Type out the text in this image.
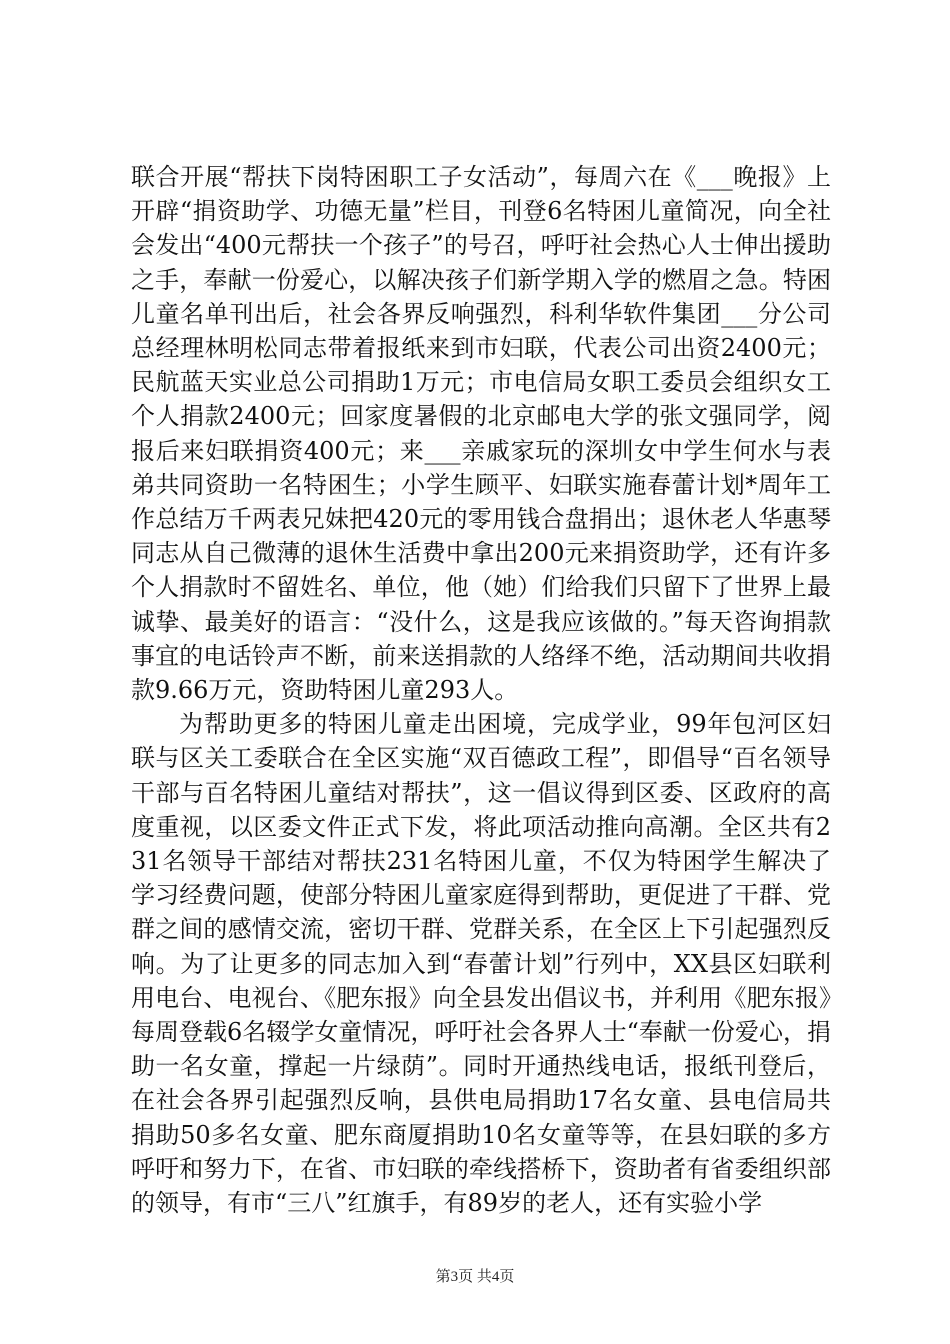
联合开展“帮扶下岗特困职工子女活动”，每周六在《___晚报》上开辟“捐资助学、功德无量”栏目，刊登6名特困儿童简况，向全社会发出“400元帮扶一个孩子”的号召，呼吁社会热心人士伸出援助之手，奉献一份爱心，以解决孩子们新学期入学的燃眉之急。特困儿童名单刊出后，社会各界反响强烈，科利华软件集团___分公司总经理林明松同志带着报纸来到市妇联，代表公司出资2400元；民航蓝天实业总公司捐助1万元；市电信局女职工委员会组织女工个人捐款2400元；回家度暑假的北京邮电大学的张文强同学，阅报后来妇联捐资400元；来___亲戚家玩的深圳女中学生何水与表弟共同资助一名特困生；小学生顾平、妇联实施春蕾计划*周年工作总结万千两表兄妹把420元的零用钱合盘捐出；退休老人华惠琴同志从自己微薄的退休生活费中拿出200元来捐资助学，还有许多个人捐款时不留姓名、单位，他（她）们给我们只留下了世界上最诚挚、最美好的语言：“没什么，这是我应该做的。”每天咨询捐款事宜的电话铃声不断，前来送捐款的人络绎不绝，活动期间共收捐款9.66万元，资助特困儿童293人。

为帮助更多的特困儿童走出困境，完成学业，99年包河区妇联与区关工委联合在全区实施“双百德政工程”，即倡导“百名领导干部与百名特困儿童结对帮扶”，这一倡议得到区委、区政府的高度重视，以区委文件正式下发，将此项活动推向高潮。全区共有231名领导干部结对帮扶231名特困儿童，不仅为特困学生解决了学习经费问题，使部分特困儿童家庭得到帮助，更促进了干群、党群之间的感情交流，密切干群、党群关系，在全区上下引起强烈反响。为了让更多的同志加入到“春蕾计划”行列中，XX县区妇联利用电台、电视台、《肥东报》向全县发出倡议书，并利用《肥东报》每周登载6名辍学女童情况，呼吁社会各界人士“奉献一份爱心，捐助一名女童，撑起一片绿荫”。同时开通热线电话，报纸刊登后，在社会各界引起强烈反响，县供电局捐助17名女童、县电信局共捐助50多名女童、肥东商厦捐助10名女童等等，在县妇联的多方呼吁和努力下，在省、市妇联的牵线搭桥下，资助者有省委组织部的领导，有市“三八”红旗手，有89岁的老人，还有实验小学

第3页 共4页
